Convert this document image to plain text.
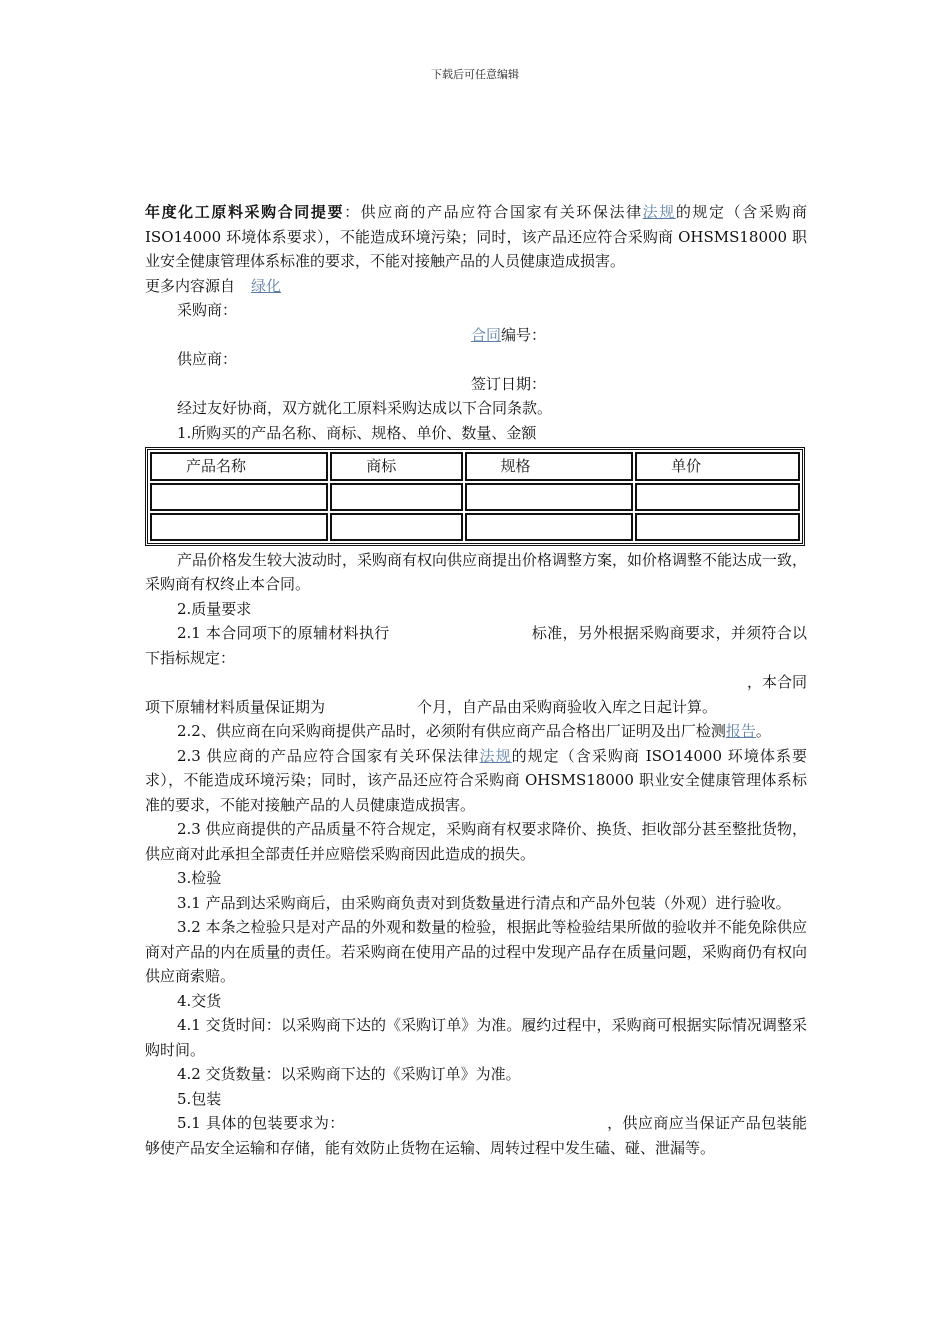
下载后可任意编辑

年度化工原料采购合同提要：供应商的产品应符合国家有关环保法律法规的规定（含采购商 ISO14000 环境体系要求），不能造成环境污染；同时，该产品还应符合采购商 OHSMS18000 职业安全健康管理体系标准的要求，不能对接触产品的人员健康造成损害。

更多内容源自 绿化

采购商：

合同编号：

供应商：

签订日期：

经过友好协商，双方就化工原料采购达成以下合同条款。

1.所购买的产品名称、商标、规格、单价、数量、金额

产品名称	商标	规格	单价

产品价格发生较大波动时，采购商有权向供应商提出价格调整方案，如价格调整不能达成一致，采购商有权终止本合同。

2.质量要求

2.1 本合同项下的原辅材料执行	标准，另外根据采购商要求，并须符合以下指标规定：

，本合同

项下原辅材料质量保证期为	个月，自产品由采购商验收入库之日起计算。

2.2、供应商在向采购商提供产品时，必须附有供应商产品合格出厂证明及出厂检测报告。

2.3 供应商的产品应符合国家有关环保法律法规的规定（含采购商 ISO14000 环境体系要求），不能造成环境污染；同时，该产品还应符合采购商 OHSMS18000 职业安全健康管理体系标准的要求，不能对接触产品的人员健康造成损害。

2.3 供应商提供的产品质量不符合规定，采购商有权要求降价、换货、拒收部分甚至整批货物，供应商对此承担全部责任并应赔偿采购商因此造成的损失。

3.检验

3.1 产品到达采购商后，由采购商负责对到货数量进行清点和产品外包装（外观）进行验收。

3.2 本条之检验只是对产品的外观和数量的检验，根据此等检验结果所做的验收并不能免除供应商对产品的内在质量的责任。若采购商在使用产品的过程中发现产品存在质量问题，采购商仍有权向供应商索赔。

4.交货

4.1 交货时间：以采购商下达的《采购订单》为准。履约过程中，采购商可根据实际情况调整采购时间。

4.2 交货数量：以采购商下达的《采购订单》为准。

5.包装

5.1 具体的包装要求为：	，供应商应当保证产品包装能够使产品安全运输和存储，能有效防止货物在运输、周转过程中发生磕、碰、泄漏等。
